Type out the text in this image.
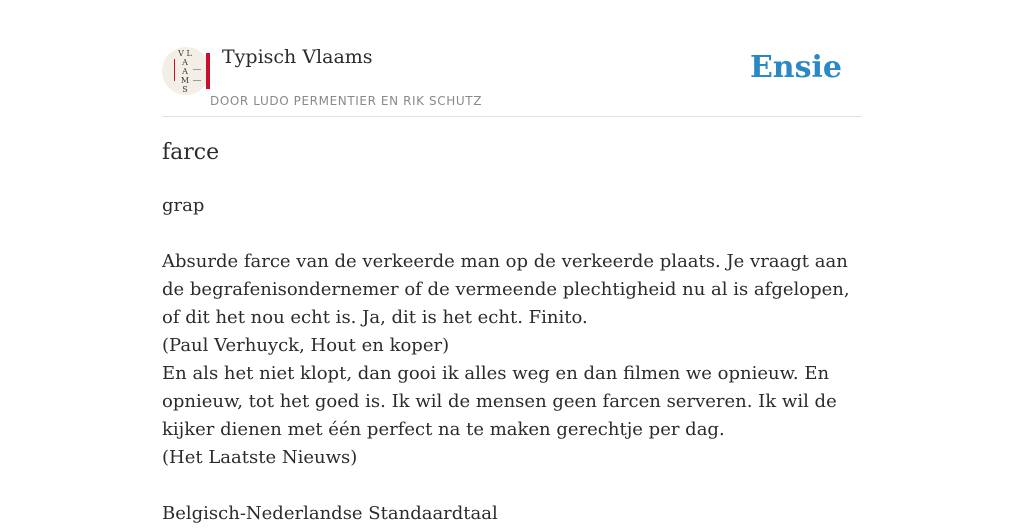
V L A A M S
Typisch Vlaams
DOOR LUDO PERMENTIER EN RIK SCHUTZ
Ensie
farce

grap

Absurde farce van de verkeerde man op de verkeerde plaats. Je vraagt aan de begrafenisondernemer of de vermeende plechtigheid nu al is afgelopen, of dit het nou echt is. Ja, dit is het echt. Finito.

(Paul Verhuyck, Hout en koper)

En als het niet klopt, dan gooi ik alles weg en dan filmen we opnieuw. En opnieuw, tot het goed is. Ik wil de mensen geen farcen serveren. Ik wil de kijker dienen met één perfect na te maken gerechtje per dag.

(Het Laatste Nieuws)

Belgisch-Nederlandse Standaardtaal
